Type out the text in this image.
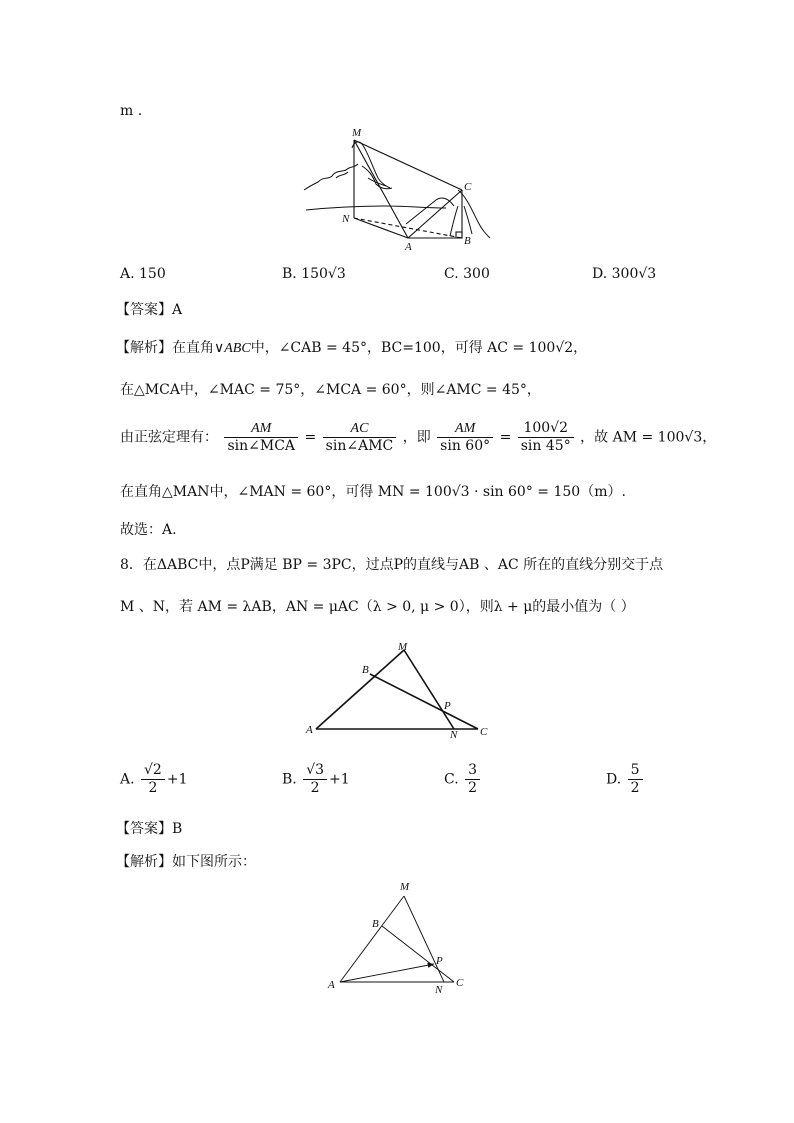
m .
M
C
N
A	B
A. 150	B. 150√3	C. 300	D. 300√3
【答案】A
【解析】在直角∨ABC中，∠CAB = 45°，BC=100，可得 AC = 100√2，
在△MCA中，∠MAC = 75°，∠MCA = 60°，则∠AMC = 45°，
由正弦定理有： $\frac{AM}{\text{sin∠MCA}} = \frac{AC}{\text{sin∠AMC}}$ ，即 $\frac{AM}{\sin 60^\circ} = \frac{100√2}{\sin 45^\circ}$ ，故 AM = 100√3，
在直角△MAN中，∠MAN = 60°，可得 MN = 100√3 · sin 60° = 150（m）.
故选：A.
8．在ΔABC中，点P满足 BP = 3PC，过点P的直线与AB 、AC 所在的直线分别交于点
M 、N，若 AM = λAB，AN = μAC（λ > 0, μ > 0），则λ + μ的最小值为（ ）
M
B
P
A	N C
A. $\frac{√2}{2} +1$	B. $\frac{√3}{2} +1$	C. $\frac{3}{2}$	D. $\frac{5}{2}$
【答案】B
【解析】如下图所示：
M
B
P
A	N
C
